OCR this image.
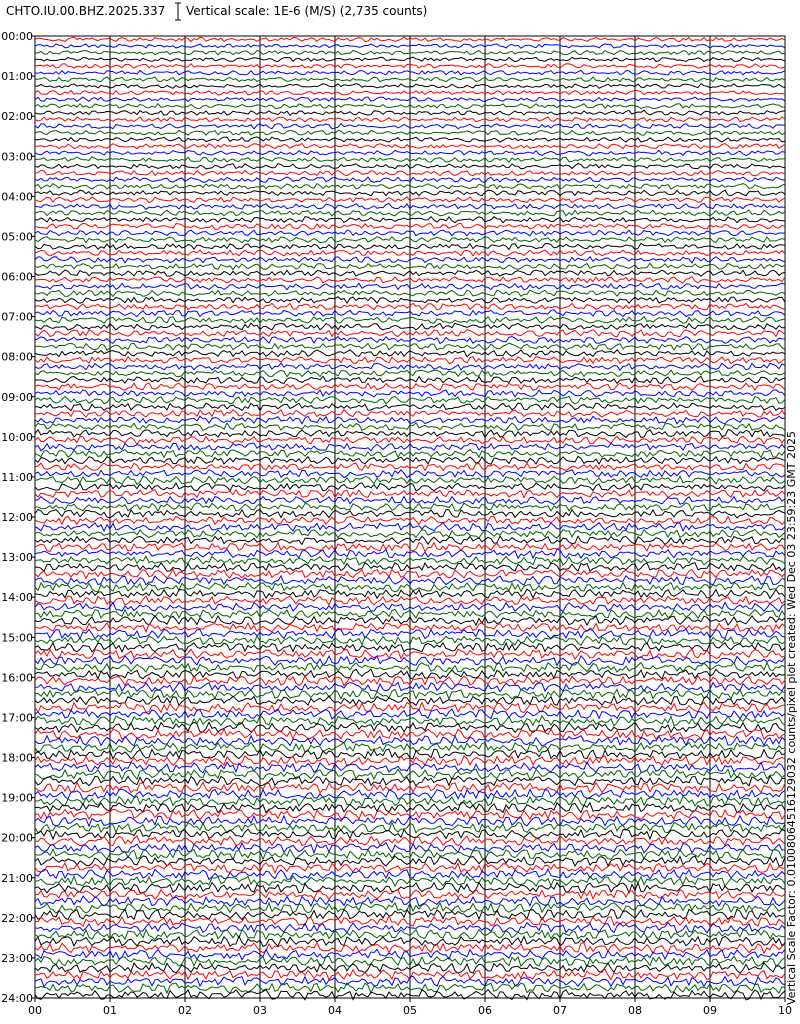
CHTO.IU.00.BHZ.2025.337 Vertical scale: 1E-6 (M/S) (2,735 counts)
00:00
01:00
02:00
03:00
04:00
05:00
06:00
07:00
08:00
09:00
10:00
11:00
12:00
13:00
14:00
15:00
16:00
17:00
18:00
19:00
20:00
21:00
22:00
23:00
24:00
00	01	02	03	04	05	06	07	08	09	10
Vertical Scale Factor: 0.01008064516129032 counts/pixel plot created: Wed Dec 03 23:59:23 GMT 2025
